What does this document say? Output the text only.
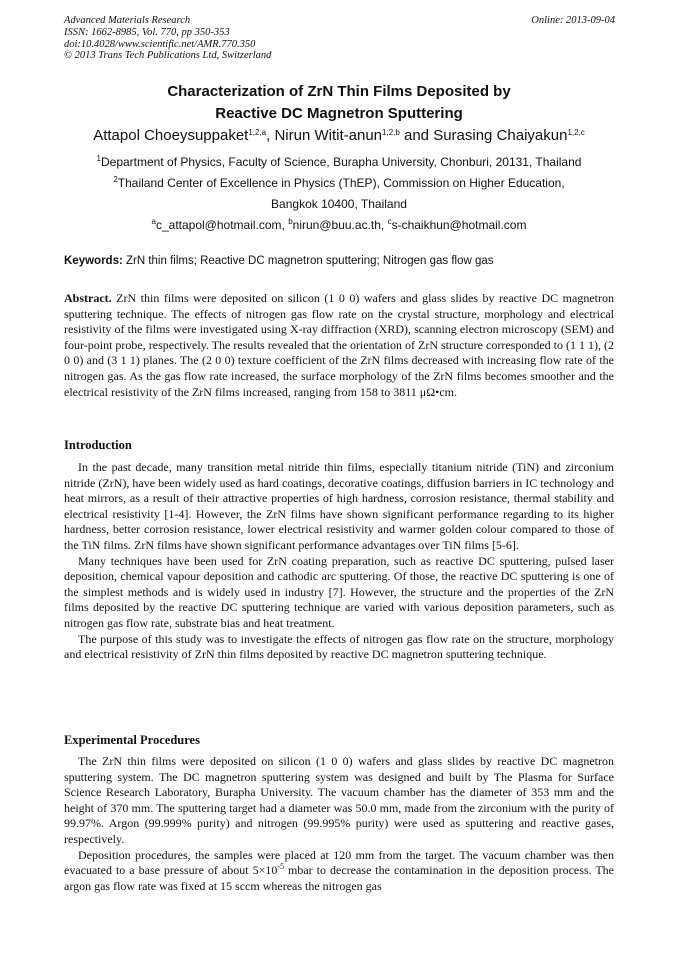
Advanced Materials Research
ISSN: 1662-8985, Vol. 770, pp 350-353
doi:10.4028/www.scientific.net/AMR.770.350
© 2013 Trans Tech Publications Ltd, Switzerland
Online: 2013-09-04
Characterization of ZrN Thin Films Deposited by
Reactive DC Magnetron Sputtering
Attapol Choeysuppaket$^{1,2,a}$, Nirun Witit-anun$^{1,2,b}$ and Surasing Chaiyakun$^{1,2,c}$
$^1$Department of Physics, Faculty of Science, Burapha University, Chonburi, 20131, Thailand
$^2$Thailand Center of Excellence in Physics (ThEP), Commission on Higher Education,
Bangkok 10400, Thailand
$^a$c_attapol@hotmail.com, $^b$nirun@buu.ac.th, $^c$s-chaikhun@hotmail.com
Keywords: ZrN thin films; Reactive DC magnetron sputtering; Nitrogen gas flow gas

Abstract. ZrN thin films were deposited on silicon (1 0 0) wafers and glass slides by reactive DC magnetron sputtering technique. The effects of nitrogen gas flow rate on the crystal structure, morphology and electrical resistivity of the films were investigated using X-ray diffraction (XRD), scanning electron microscopy (SEM) and four-point probe, respectively. The results revealed that the orientation of ZrN structure corresponded to (1 1 1), (2 0 0) and (3 1 1) planes. The (2 0 0) texture coefficient of the ZrN films decreased with increasing flow rate of the nitrogen gas. As the gas flow rate increased, the surface morphology of the ZrN films becomes smoother and the electrical resistivity of the ZrN films increased, ranging from 158 to 3811 μΩ•cm.

Introduction

In the past decade, many transition metal nitride thin films, especially titanium nitride (TiN) and zirconium nitride (ZrN), have been widely used as hard coatings, decorative coatings, diffusion barriers in IC technology and heat mirrors, as a result of their attractive properties of high hardness, corrosion resistance, thermal stability and electrical resistivity [1-4]. However, the ZrN films have shown significant performance regarding to its higher hardness, better corrosion resistance, lower electrical resistivity and warmer golden colour compared to those of the TiN films. ZrN films have shown significant performance advantages over TiN films [5-6].

Many techniques have been used for ZrN coating preparation, such as reactive DC sputtering, pulsed laser deposition, chemical vapour deposition and cathodic arc sputtering. Of those, the reactive DC sputtering is one of the simplest methods and is widely used in industry [7]. However, the structure and the properties of the ZrN films deposited by the reactive DC sputtering technique are varied with various deposition parameters, such as nitrogen gas flow rate, substrate bias and heat treatment.

The purpose of this study was to investigate the effects of nitrogen gas flow rate on the structure, morphology and electrical resistivity of ZrN thin films deposited by reactive DC magnetron sputtering technique.

Experimental Procedures

The ZrN thin films were deposited on silicon (1 0 0) wafers and glass slides by reactive DC magnetron sputtering system. The DC magnetron sputtering system was designed and built by The Plasma for Surface Science Research Laboratory, Burapha University. The vacuum chamber has the diameter of 353 mm and the height of 370 mm. The sputtering target had a diameter was 50.0 mm, made from the zirconium with the purity of 99.97%. Argon (99.999% purity) and nitrogen (99.995% purity) were used as sputtering and reactive gases, respectively.

Deposition procedures, the samples were placed at 120 mm from the target. The vacuum chamber was then evacuated to a base pressure of about $5\times 10^{-5}$ mbar to decrease the contamination in the deposition process. The argon gas flow rate was fixed at 15 sccm whereas the nitrogen gas
